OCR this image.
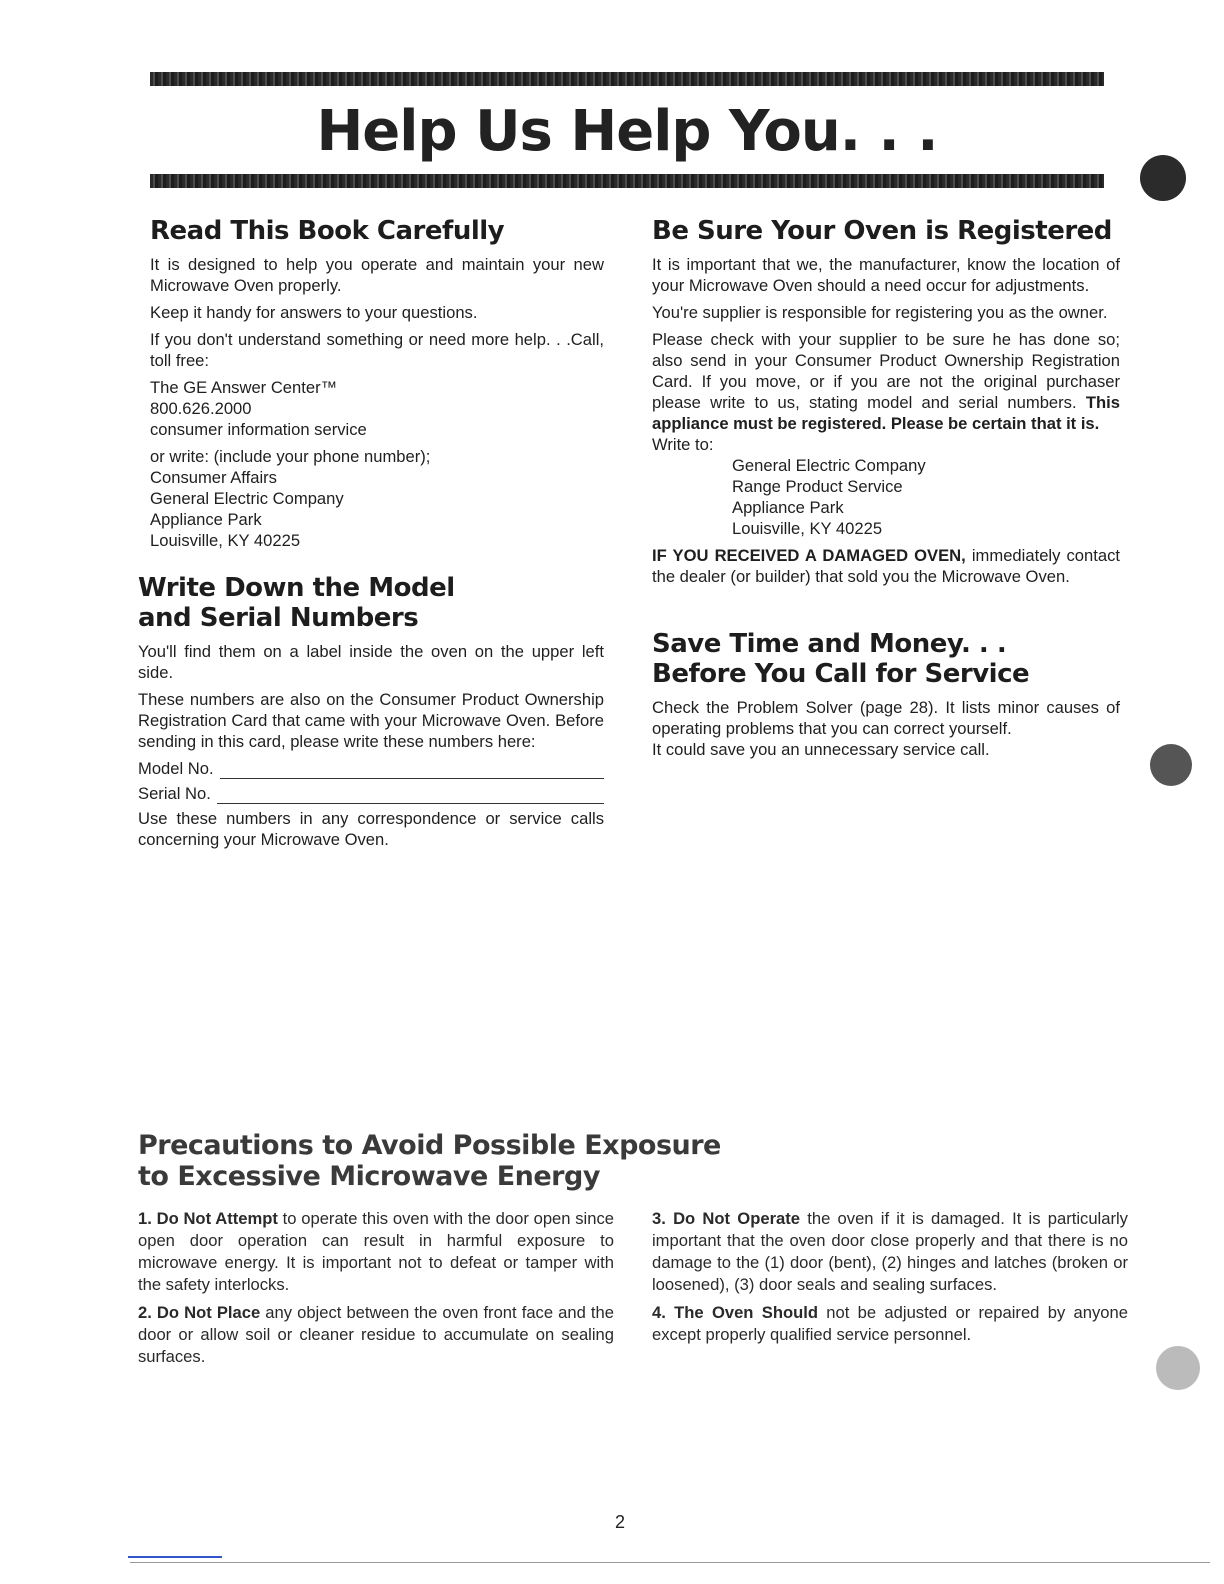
Help Us Help You. . .
Read This Book Carefully

It is designed to help you operate and maintain your new Microwave Oven properly.

Keep it handy for answers to your questions.

If you don't understand something or need more help. . .Call, toll free:

The GE Answer Center™

800.626.2000

consumer information service

or write: (include your phone number);

Consumer Affairs

General Electric Company

Appliance Park

Louisville, KY 40225

Write Down the Model
and Serial Numbers

You'll find them on a label inside the oven on the upper left side.

These numbers are also on the Consumer Product Ownership Registration Card that came with your Microwave Oven. Before sending in this card, please write these numbers here:

Model No.
Serial No.

Use these numbers in any correspondence or service calls concerning your Microwave Oven.

Be Sure Your Oven is Registered

It is important that we, the manufacturer, know the location of your Microwave Oven should a need occur for adjustments.

You're supplier is responsible for registering you as the owner.

Please check with your supplier to be sure he has done so; also send in your Consumer Product Ownership Registration Card. If you move, or if you are not the original purchaser please write to us, stating model and serial numbers. This appliance must be registered. Please be certain that it is.

Write to:

General Electric Company

Range Product Service

Appliance Park

Louisville, KY 40225

IF YOU RECEIVED A DAMAGED OVEN, immediately contact the dealer (or builder) that sold you the Microwave Oven.

Save Time and Money. . .
Before You Call for Service

Check the Problem Solver (page 28). It lists minor causes of operating problems that you can correct yourself.

It could save you an unnecessary service call.

Precautions to Avoid Possible Exposure
to Excessive Microwave Energy

1. Do Not Attempt to operate this oven with the door open since open door operation can result in harmful exposure to microwave energy. It is important not to defeat or tamper with the safety interlocks.

2. Do Not Place any object between the oven front face and the door or allow soil or cleaner residue to accumulate on sealing surfaces.

3. Do Not Operate the oven if it is damaged. It is particularly important that the oven door close properly and that there is no damage to the (1) door (bent), (2) hinges and latches (broken or loosened), (3) door seals and sealing surfaces.

4. The Oven Should not be adjusted or repaired by anyone except properly qualified service personnel.

2
